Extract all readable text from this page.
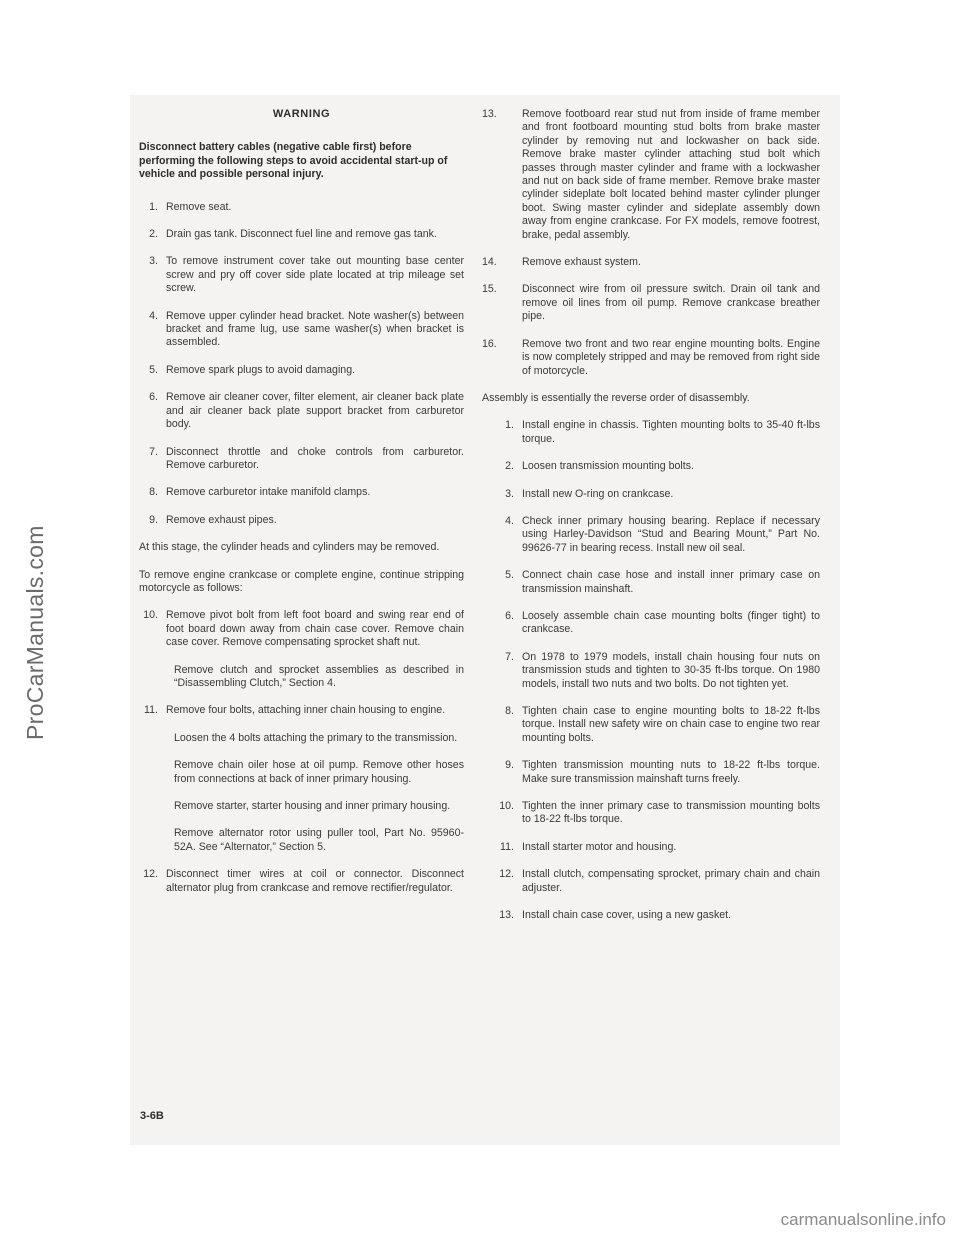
WARNING
Disconnect battery cables (negative cable first) before performing the following steps to avoid accidental start-up of vehicle and possible personal injury.
1. Remove seat.
2. Drain gas tank. Disconnect fuel line and remove gas tank.
3. To remove instrument cover take out mounting base center screw and pry off cover side plate located at trip mileage set screw.
4. Remove upper cylinder head bracket. Note washer(s) between bracket and frame lug, use same washer(s) when bracket is assembled.
5. Remove spark plugs to avoid damaging.
6. Remove air cleaner cover, filter element, air cleaner back plate and air cleaner back plate support bracket from carburetor body.
7. Disconnect throttle and choke controls from carburetor. Remove carburetor.
8. Remove carburetor intake manifold clamps.
9. Remove exhaust pipes.
At this stage, the cylinder heads and cylinders may be removed.
To remove engine crankcase or complete engine, continue stripping motorcycle as follows:
10. Remove pivot bolt from left foot board and swing rear end of foot board down away from chain case cover. Remove chain case cover. Remove compensating sprocket shaft nut.
Remove clutch and sprocket assemblies as described in “Disassembling Clutch,” Section 4.
11. Remove four bolts, attaching inner chain housing to engine.
Loosen the 4 bolts attaching the primary to the transmission.
Remove chain oiler hose at oil pump. Remove other hoses from connections at back of inner primary housing.
Remove starter, starter housing and inner primary housing.
Remove alternator rotor using puller tool, Part No. 95960-52A. See “Alternator,” Section 5.
12. Disconnect timer wires at coil or connector. Disconnect alternator plug from crankcase and remove rectifier/regulator.
3-6B
13.	Remove footboard rear stud nut from inside of frame member and front footboard mounting stud bolts from brake master cylinder by removing nut and lockwasher on back side. Remove brake master cylinder attaching stud bolt which passes through master cylinder and frame with a lockwasher and nut on back side of frame member. Remove brake master cylinder sideplate bolt located behind master cylinder plunger boot. Swing master cylinder and sideplate assembly down away from engine crankcase. For FX models, remove footrest, brake, pedal assembly.
14.	Remove exhaust system.
15.	Disconnect wire from oil pressure switch. Drain oil tank and remove oil lines from oil pump. Remove crankcase breather pipe.
16.	Remove two front and two rear engine mounting bolts. Engine is now completely stripped and may be removed from right side of motorcycle.
Assembly is essentially the reverse order of disassembly.
1. Install engine in chassis. Tighten mounting bolts to 35-40 ft-lbs torque.
2. Loosen transmission mounting bolts.
3. Install new O-ring on crankcase.
4. Check inner primary housing bearing. Replace if necessary using Harley-Davidson “Stud and Bearing Mount,” Part No. 99626-77 in bearing recess. Install new oil seal.
5. Connect chain case hose and install inner primary case on transmission mainshaft.
6. Loosely assemble chain case mounting bolts (finger tight) to crankcase.
7. On 1978 to 1979 models, install chain housing four nuts on transmission studs and tighten to 30-35 ft-lbs torque. On 1980 models, install two nuts and two bolts. Do not tighten yet.
8. Tighten chain case to engine mounting bolts to 18-22 ft-lbs torque. Install new safety wire on chain case to engine two rear mounting bolts.
9. Tighten transmission mounting nuts to 18-22 ft-lbs torque. Make sure transmission mainshaft turns freely.
10. Tighten the inner primary case to transmission mounting bolts to 18-22 ft-lbs torque.
11. Install starter motor and housing.
12. Install clutch, compensating sprocket, primary chain and chain adjuster.
13. Install chain case cover, using a new gasket.
ProCarManuals.com
carmanualsonline.info
